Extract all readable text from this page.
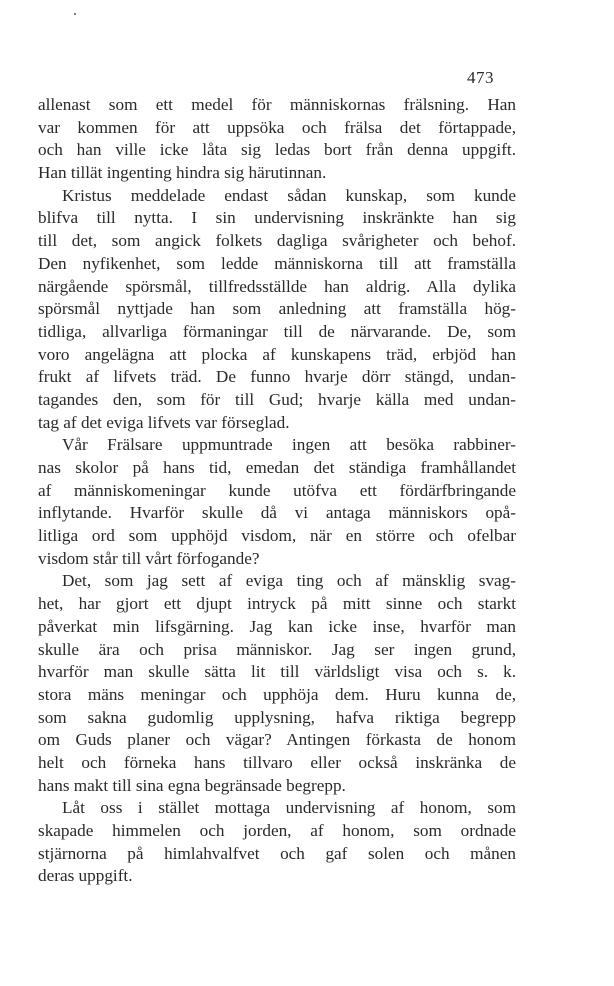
473
allenast som ett medel för människornas frälsning. Han
var kommen för att uppsöka och frälsa det förtappade,
och han ville icke låta sig ledas bort från denna uppgift.
Han tillät ingenting hindra sig härutinnan.
Kristus meddelade endast sådan kunskap, som kunde
blifva till nytta. I sin undervisning inskränkte han sig
till det, som angick folkets dagliga svårigheter och behof.
Den nyfikenhet, som ledde människorna till att framställa
närgående spörsmål, tillfredsställde han aldrig. Alla dylika
spörsmål nyttjade han som anledning att framställa hög-
tidliga, allvarliga förmaningar till de närvarande. De, som
voro angelägna att plocka af kunskapens träd, erbjöd han
frukt af lifvets träd. De funno hvarje dörr stängd, undan-
tagandes den, som för till Gud; hvarje källa med undan-
tag af det eviga lifvets var förseglad.
Vår Frälsare uppmuntrade ingen att besöka rabbiner-
nas skolor på hans tid, emedan det ständiga framhållandet
af människomeningar kunde utöfva ett fördärfbringande
inflytande. Hvarför skulle då vi antaga människors opå-
litliga ord som upphöjd visdom, när en större och ofelbar
visdom står till vårt förfogande?
Det, som jag sett af eviga ting och af mänsklig svag-
het, har gjort ett djupt intryck på mitt sinne och starkt
påverkat min lifsgärning. Jag kan icke inse, hvarför man
skulle ära och prisa människor. Jag ser ingen grund,
hvarför man skulle sätta lit till världsligt visa och s. k.
stora mäns meningar och upphöja dem. Huru kunna de,
som sakna gudomlig upplysning, hafva riktiga begrepp
om Guds planer och vägar? Antingen förkasta de honom
helt och förneka hans tillvaro eller också inskränka de
hans makt till sina egna begränsade begrepp.
Låt oss i stället mottaga undervisning af honom, som
skapade himmelen och jorden, af honom, som ordnade
stjärnorna på himlahvalfvet och gaf solen och månen
deras uppgift.
